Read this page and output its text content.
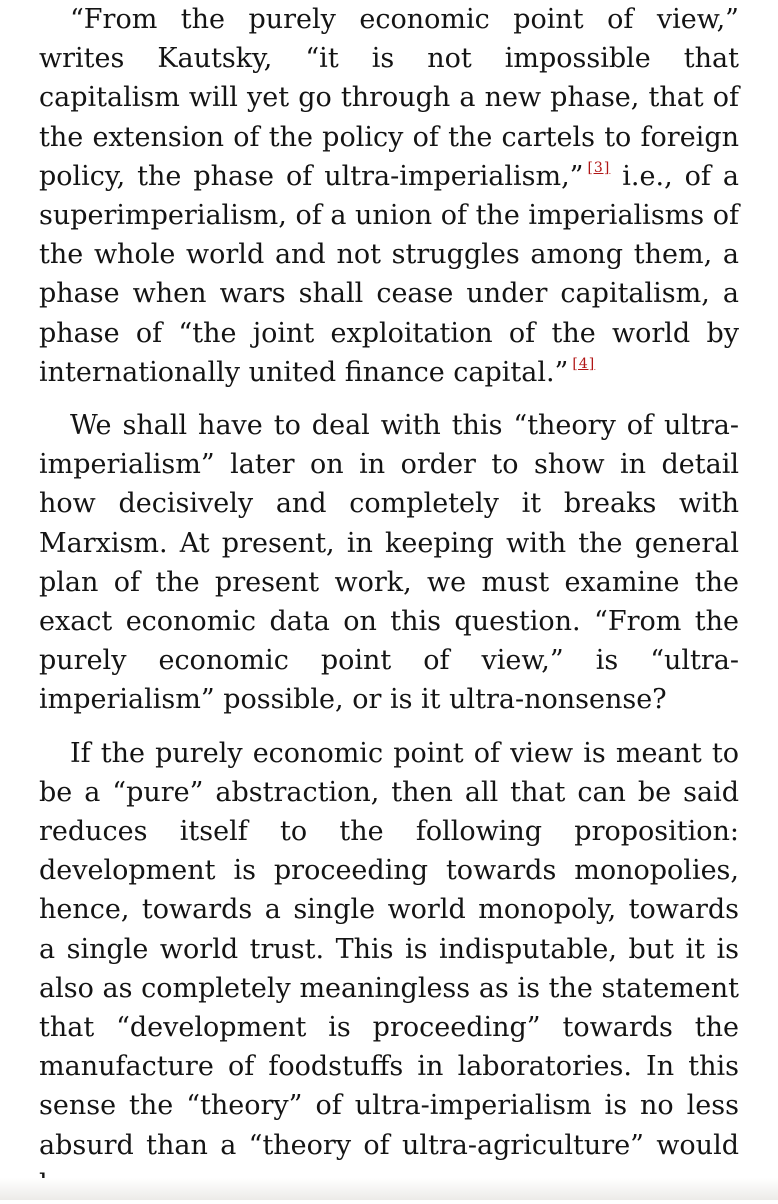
“From the purely economic point of view,” writes Kautsky, “it is not impossible that capitalism will yet go through a new phase, that of the extension of the policy of the cartels to foreign policy, the phase of ultra-imperialism,” [3] i.e., of a superimperialism, of a union of the imperialisms of the whole world and not struggles among them, a phase when wars shall cease under capitalism, a phase of “the joint exploitation of the world by internationally united finance capital.” [4]

We shall have to deal with this “theory of ultra-imperialism” later on in order to show in detail how decisively and completely it breaks with Marxism. At present, in keeping with the general plan of the present work, we must examine the exact economic data on this question. “From the purely economic point of view,” is “ultra-imperialism” possible, or is it ultra-nonsense?

If the purely economic point of view is meant to be a “pure” abstraction, then all that can be said reduces itself to the following proposition: development is proceeding towards monopolies, hence, towards a single world monopoly, towards a single world trust. This is indisputable, but it is also as completely meaningless as is the statement that “development is proceeding” towards the manufacture of foodstuffs in laboratories. In this sense the “theory” of ultra-imperialism is no less absurd than a “theory of ultra-agriculture” would
